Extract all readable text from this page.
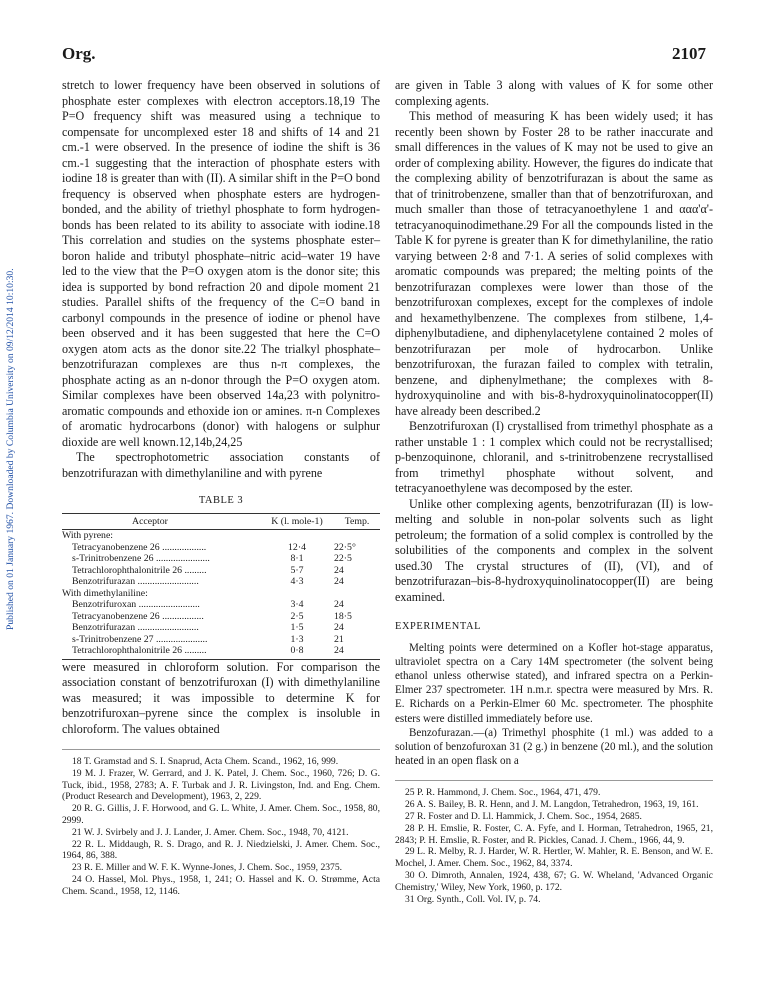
Org.	2107
Published on 01 January 1967. Downloaded by Columbia University on 09/12/2014 10:10:30.

stretch to lower frequency have been observed in solutions of phosphate ester complexes with electron acceptors.18,19 The P=O frequency shift was measured using a technique to compensate for uncomplexed ester 18 and shifts of 14 and 21 cm.-1 were observed. In the presence of iodine the shift is 36 cm.-1 suggesting that the interaction of phosphate esters with iodine 18 is greater than with (II). A similar shift in the P=O bond frequency is observed when phosphate esters are hydrogen-bonded, and the ability of triethyl phosphate to form hydrogen-bonds has been related to its ability to associate with iodine.18 This correlation and studies on the systems phosphate ester–boron halide and tributyl phosphate–nitric acid–water 19 have led to the view that the P=O oxygen atom is the donor site; this idea is supported by bond refraction 20 and dipole moment 21 studies. Parallel shifts of the frequency of the C=O band in carbonyl compounds in the presence of iodine or phenol have been observed and it has been suggested that here the C=O oxygen atom acts as the donor site.22 The trialkyl phosphate–benzotrifurazan complexes are thus n-π complexes, the phosphate acting as an n-donor through the P=O oxygen atom. Similar complexes have been observed 14a,23 with polynitro-aromatic compounds and ethoxide ion or amines. π-n Complexes of aromatic hydrocarbons (donor) with halogens or sulphur dioxide are well known.12,14b,24,25

The spectrophotometric association constants of benzotrifurazan with dimethylaniline and with pyrene

TABLE 3
Acceptor	K (l. mole-1)	Temp.
With pyrene:		
Tetracyanobenzene 26 ..................	12·4	22·5°
s-Trinitrobenzene 26 ......................	8·1	22·5
Tetrachlorophthalonitrile 26 .........	5·7	24
Benzotrifurazan .........................	4·3	24
With dimethylaniline:		
Benzotrifuroxan .........................	3·4	24
Tetracyanobenzene 26 .................	2·5	18·5
Benzotrifurazan .........................	1·5	24
s-Trinitrobenzene 27 .....................	1·3	21
Tetrachlorophthalonitrile 26 .........	0·8	24

were measured in chloroform solution. For comparison the association constant of benzotrifuroxan (I) with dimethylaniline was measured; it was impossible to determine K for benzotrifuroxan–pyrene since the complex is insoluble in chloroform. The values obtained

18 T. Gramstad and S. I. Snaprud, Acta Chem. Scand., 1962, 16, 999.
19 M. J. Frazer, W. Gerrard, and J. K. Patel, J. Chem. Soc., 1960, 726; D. G. Tuck, ibid., 1958, 2783; A. F. Turbak and J. R. Livingston, Ind. and Eng. Chem. (Product Research and Development), 1963, 2, 229.
20 R. G. Gillis, J. F. Horwood, and G. L. White, J. Amer. Chem. Soc., 1958, 80, 2999.
21 W. J. Svirbely and J. J. Lander, J. Amer. Chem. Soc., 1948, 70, 4121.
22 R. L. Middaugh, R. S. Drago, and R. J. Niedzielski, J. Amer. Chem. Soc., 1964, 86, 388.
23 R. E. Miller and W. F. K. Wynne-Jones, J. Chem. Soc., 1959, 2375.
24 O. Hassel, Mol. Phys., 1958, 1, 241; O. Hassel and K. O. Strømme, Acta Chem. Scand., 1958, 12, 1146.

are given in Table 3 along with values of K for some other complexing agents.

This method of measuring K has been widely used; it has recently been shown by Foster 28 to be rather inaccurate and small differences in the values of K may not be used to give an order of complexing ability. However, the figures do indicate that the complexing ability of benzotrifurazan is about the same as that of trinitrobenzene, smaller than that of benzotrifuroxan, and much smaller than those of tetracyanoethylene 1 and ααα'α'-tetracyanoquinodimethane.29 For all the compounds listed in the Table K for pyrene is greater than K for dimethylaniline, the ratio varying between 2·8 and 7·1. A series of solid complexes with aromatic compounds was prepared; the melting points of the benzotrifurazan complexes were lower than those of the benzotrifuroxan complexes, except for the complexes of indole and hexamethylbenzene. The complexes from stilbene, 1,4-diphenylbutadiene, and diphenylacetylene contained 2 moles of benzotrifurazan per mole of hydrocarbon. Unlike benzotrifuroxan, the furazan failed to complex with tetralin, benzene, and diphenylmethane; the complexes with 8-hydroxyquinoline and with bis-8-hydroxyquinolinatocopper(II) have already been described.2

Benzotrifuroxan (I) crystallised from trimethyl phosphate as a rather unstable 1 : 1 complex which could not be recrystallised; p-benzoquinone, chloranil, and s-trinitrobenzene recrystallised from trimethyl phosphate without solvent, and tetracyanoethylene was decomposed by the ester.

Unlike other complexing agents, benzotrifurazan (II) is low-melting and soluble in non-polar solvents such as light petroleum; the formation of a solid complex is controlled by the solubilities of the components and complex in the solvent used.30 The crystal structures of (II), (VI), and of benzotrifurazan–bis-8-hydroxyquinolinatocopper(II) are being examined.

EXPERIMENTAL

Melting points were determined on a Kofler hot-stage apparatus, ultraviolet spectra on a Cary 14M spectrometer (the solvent being ethanol unless otherwise stated), and infrared spectra on a Perkin-Elmer 237 spectrometer. 1H n.m.r. spectra were measured by Mrs. R. E. Richards on a Perkin-Elmer 60 Mc. spectrometer. The phosphite esters were distilled immediately before use.

Benzofurazan.—(a) Trimethyl phosphite (1 ml.) was added to a solution of benzofuroxan 31 (2 g.) in benzene (20 ml.), and the solution heated in an open flask on a

25 P. R. Hammond, J. Chem. Soc., 1964, 471, 479.
26 A. S. Bailey, B. R. Henn, and J. M. Langdon, Tetrahedron, 1963, 19, 161.
27 R. Foster and D. Ll. Hammick, J. Chem. Soc., 1954, 2685.
28 P. H. Emslie, R. Foster, C. A. Fyfe, and I. Horman, Tetrahedron, 1965, 21, 2843; P. H. Emslie, R. Foster, and R. Pickles, Canad. J. Chem., 1966, 44, 9.
29 L. R. Melby, R. J. Harder, W. R. Hertler, W. Mahler, R. E. Benson, and W. E. Mochel, J. Amer. Chem. Soc., 1962, 84, 3374.
30 O. Dimroth, Annalen, 1924, 438, 67; G. W. Wheland, 'Advanced Organic Chemistry,' Wiley, New York, 1960, p. 172.
31 Org. Synth., Coll. Vol. IV, p. 74.
